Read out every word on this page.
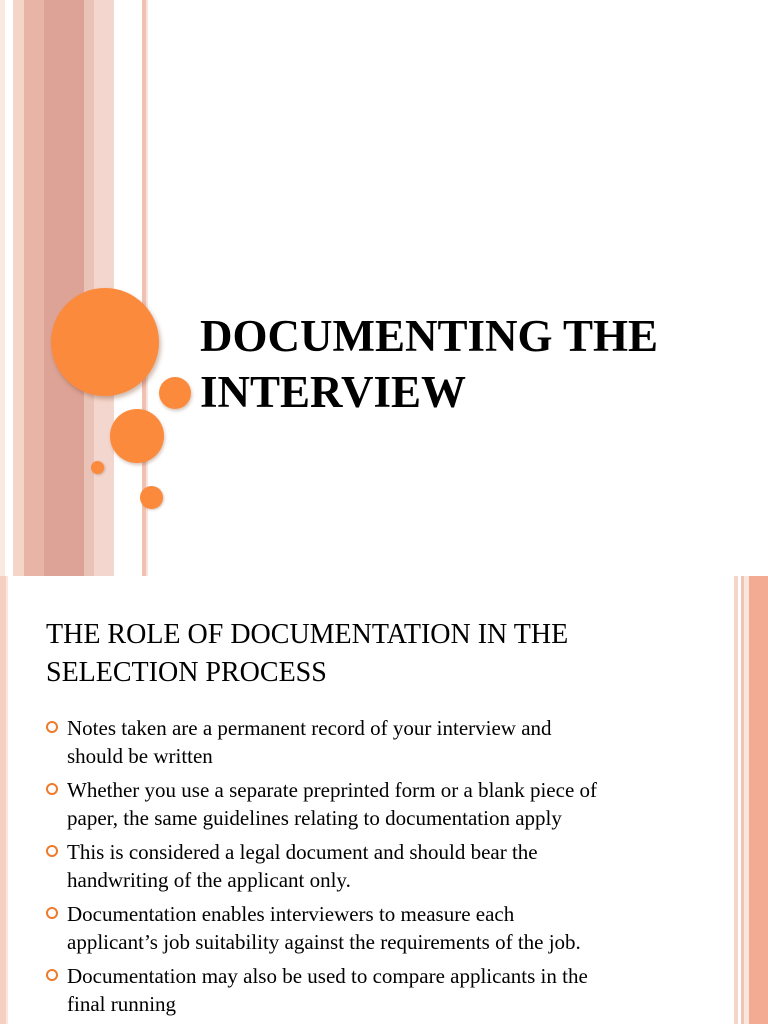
DOCUMENTING THE
INTERVIEW
THE ROLE OF DOCUMENTATION IN THE
SELECTION PROCESS
Notes taken are a permanent record of your interview and
should be written
Whether you use a separate preprinted form or a blank piece of
paper, the same guidelines relating to documentation apply
This is considered a legal document and should bear the
handwriting of the applicant only.
Documentation enables interviewers to measure each
applicant’s job suitability against the requirements of the job.
Documentation may also be used to compare applicants in the
final running
